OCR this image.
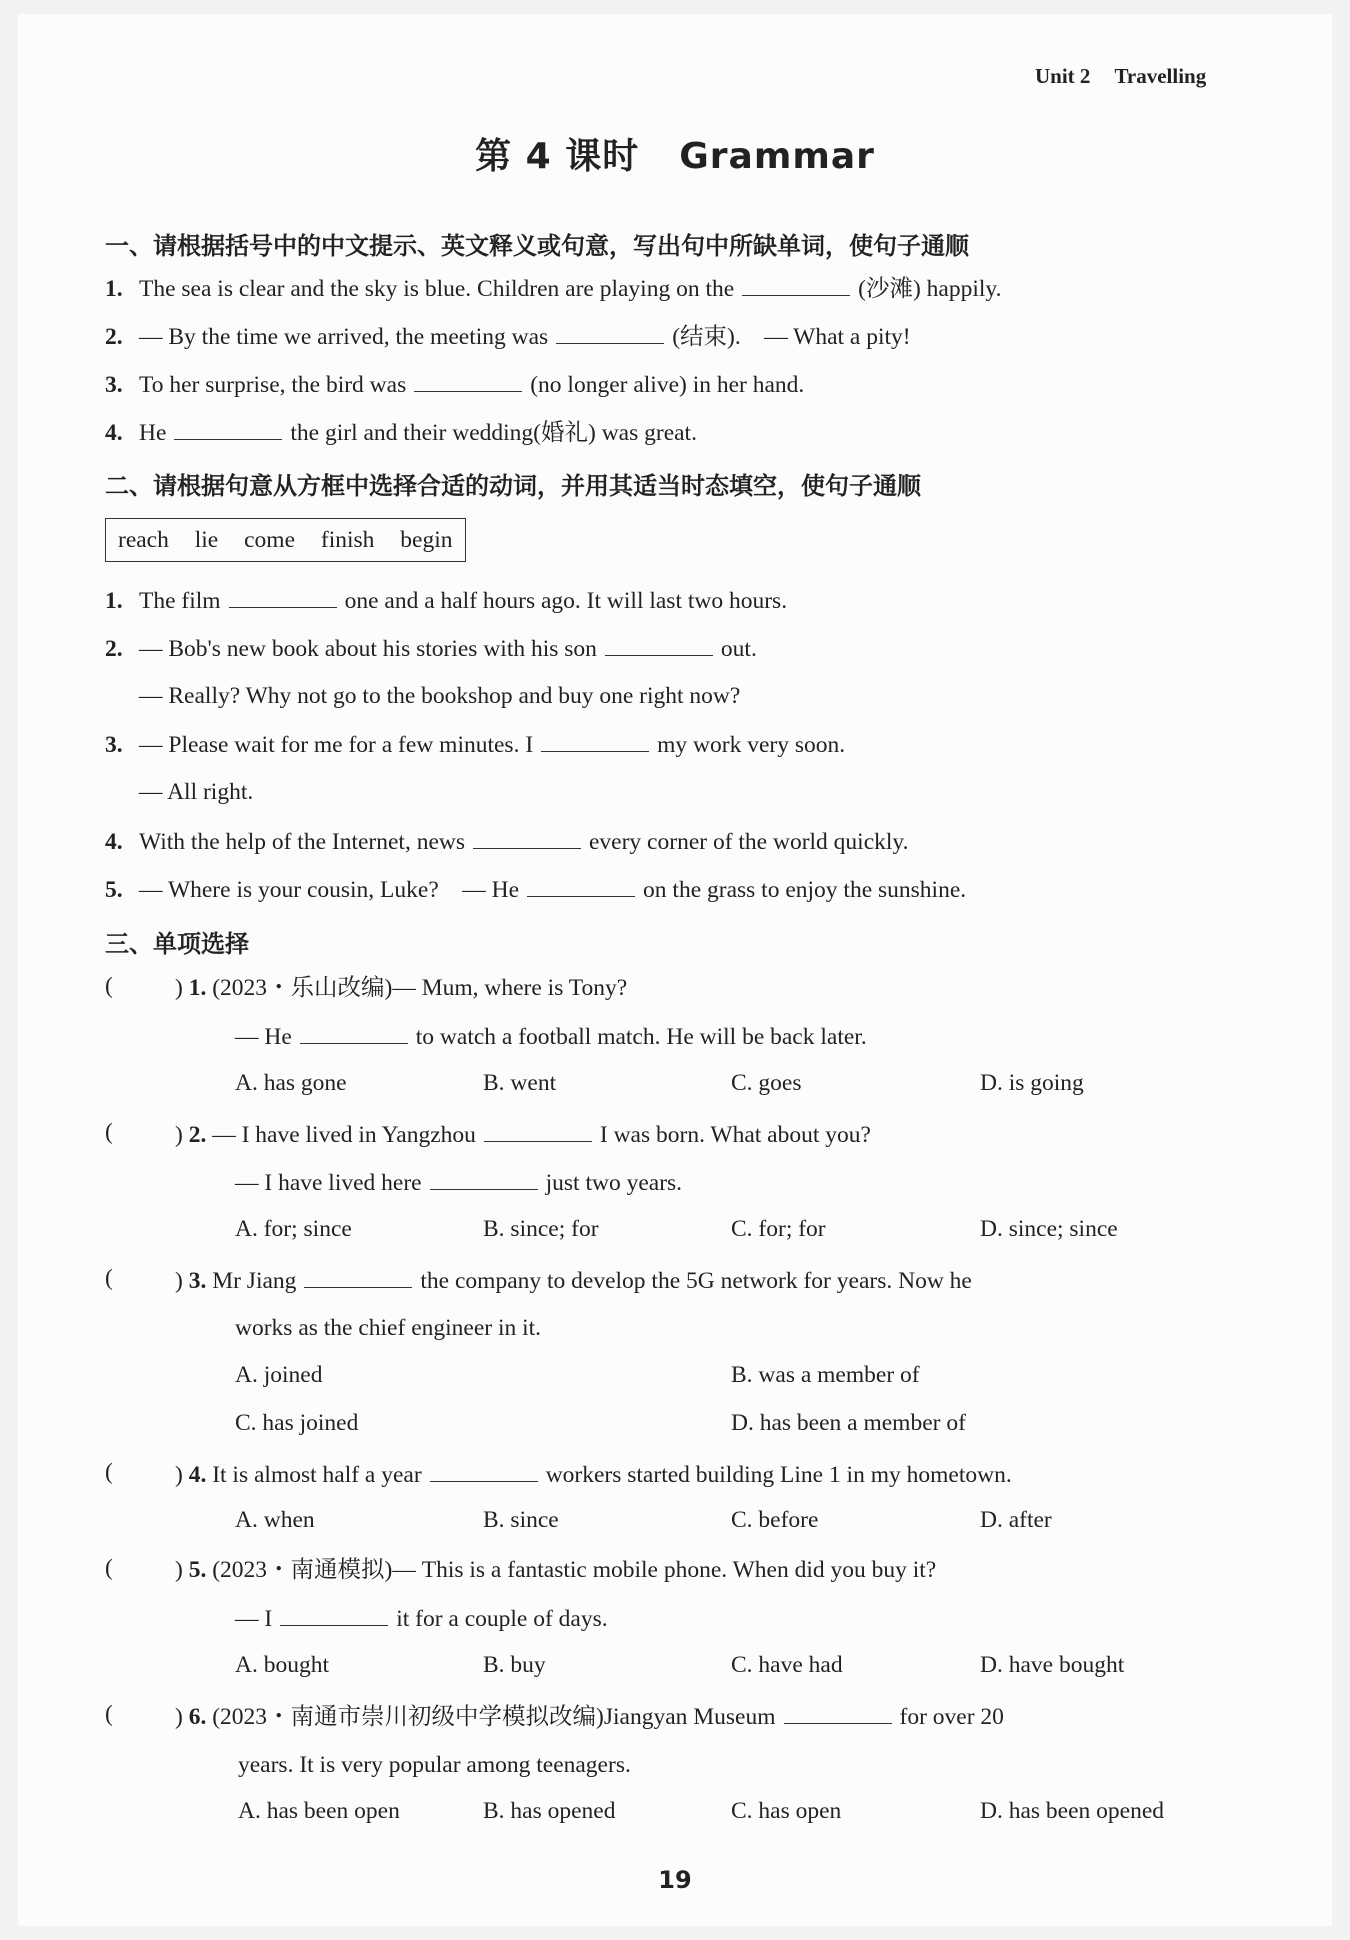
Unit 2 Travelling
第 4 课时 Grammar
一、请根据括号中的中文提示、英文释义或句意，写出句中所缺单词，使句子通顺
1. The sea is clear and the sky is blue. Children are playing on the	(沙滩) happily.
2. — By the time we arrived, the meeting was	(结束).　— What a pity!
3. To her surprise, the bird was	(no longer alive) in her hand.
4. He	the girl and their wedding(婚礼) was great.
二、请根据句意从方框中选择合适的动词，并用其适当时态填空，使句子通顺
reach lie come finish begin
1. The film	one and a half hours ago. It will last two hours.
2. — Bob's new book about his stories with his son	out.
— Really? Why not go to the bookshop and buy one right now?
3. — Please wait for me for a few minutes. I	my work very soon.
— All right.
4. With the help of the Internet, news	every corner of the world quickly.
5. — Where is your cousin, Luke?　— He	on the grass to enjoy the sunshine.
三、单项选择
(	) 1. (2023・乐山改编)— Mum, where is Tony?
— He	to watch a football match. He will be back later.
A. has gone	B. went	C. goes	D. is going
(	) 2. — I have lived in Yangzhou	I was born. What about you?
— I have lived here	just two years.
A. for; since	B. since; for	C. for; for	D. since; since
(	) 3. Mr Jiang	the company to develop the 5G network for years. Now he
works as the chief engineer in it.
A. joined	B. was a member of
C. has joined	D. has been a member of
(	) 4. It is almost half a year	workers started building Line 1 in my hometown.
A. when	B. since	C. before	D. after
(	) 5. (2023・南通模拟)— This is a fantastic mobile phone. When did you buy it?
— I	it for a couple of days.
A. bought	B. buy	C. have had	D. have bought
(	) 6. (2023・南通市崇川初级中学模拟改编)Jiangyan Museum	for over 20
years. It is very popular among teenagers.
A. has been open	B. has opened	C. has open	D. has been opened
19
